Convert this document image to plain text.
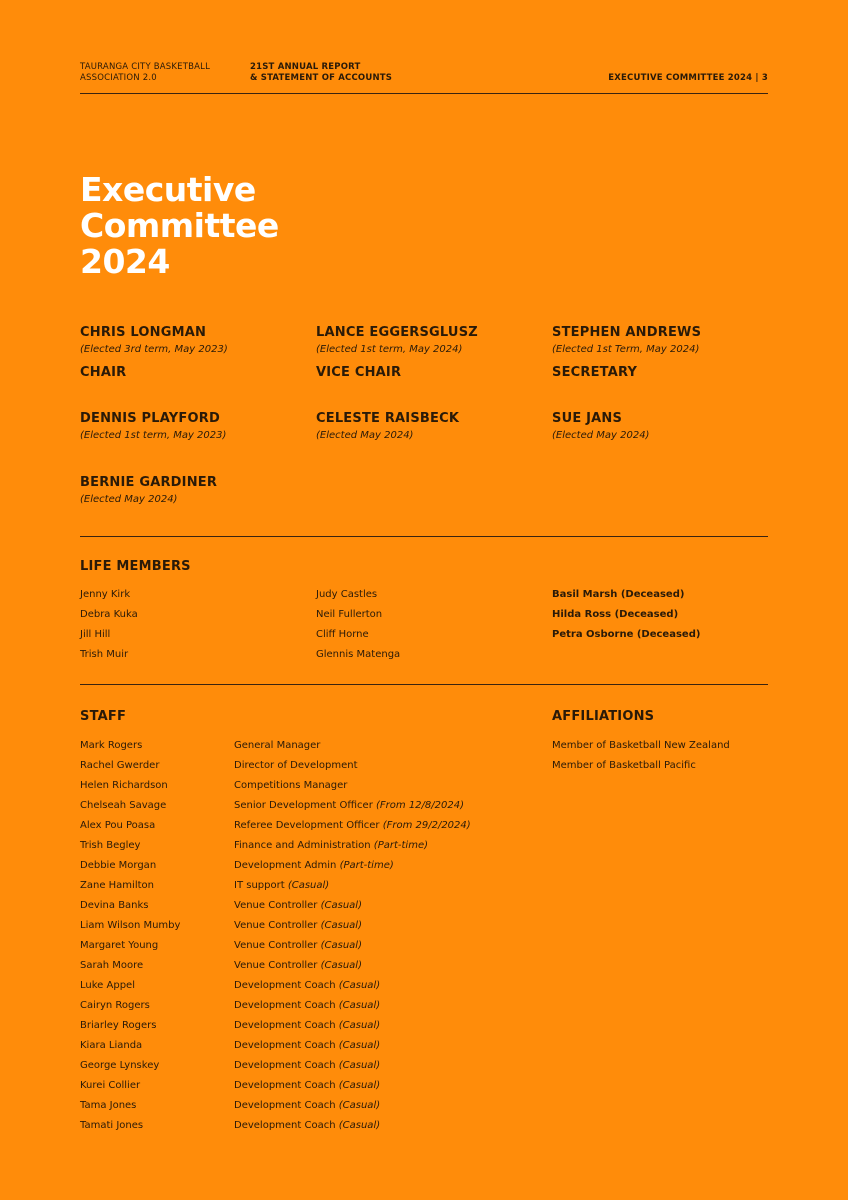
TAURANGA CITY BASKETBALL
ASSOCIATION 2.0
21ST ANNUAL REPORT
& STATEMENT OF ACCOUNTS	EXECUTIVE COMMITTEE 2024 | 3
Executive
Committee
2024
CHRIS LONGMAN
(Elected 3rd term, May 2023)
CHAIR
LANCE EGGERSGLUSZ
(Elected 1st term, May 2024)
VICE CHAIR
STEPHEN ANDREWS
(Elected 1st Term, May 2024)
SECRETARY
DENNIS PLAYFORD
(Elected 1st term, May 2023)
CELESTE RAISBECK
(Elected May 2024)
SUE JANS
(Elected May 2024)
BERNIE GARDINER
(Elected May 2024)
LIFE MEMBERS
Jenny Kirk
Debra Kuka
Jill Hill
Trish Muir
Judy Castles
Neil Fullerton
Cliff Horne
Glennis Matenga
Basil Marsh (Deceased)
Hilda Ross (Deceased)
Petra Osborne (Deceased)
STAFF
Mark Rogers
Rachel Gwerder
Helen Richardson
Chelseah Savage
Alex Pou Poasa
Trish Begley
Debbie Morgan
Zane Hamilton
Devina Banks
Liam Wilson Mumby
Margaret Young
Sarah Moore
Luke Appel
Cairyn Rogers
Briarley Rogers
Kiara Lianda
George Lynskey
Kurei Collier
Tama Jones
Tamati Jones
General Manager
Director of Development
Competitions Manager
Senior Development Officer (From 12/8/2024)
Referee Development Officer (From 29/2/2024)
Finance and Administration (Part-time)
Development Admin (Part-time)
IT support (Casual)
Venue Controller (Casual)
Venue Controller (Casual)
Venue Controller (Casual)
Venue Controller (Casual)
Development Coach (Casual)
Development Coach (Casual)
Development Coach (Casual)
Development Coach (Casual)
Development Coach (Casual)
Development Coach (Casual)
Development Coach (Casual)
Development Coach (Casual)
AFFILIATIONS
Member of Basketball New Zealand
Member of Basketball Pacific
